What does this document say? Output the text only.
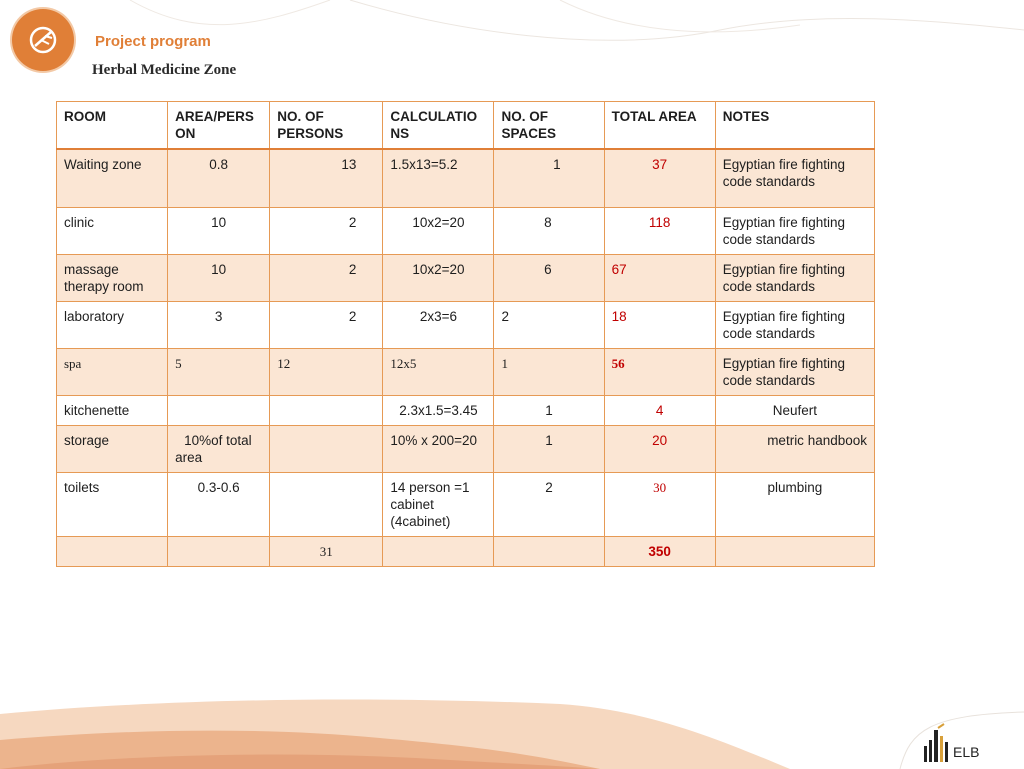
Project program
Herbal Medicine Zone
ROOM	AREA/PERS ON	NO. OF PERSONS	CALCULATIO NS	NO. OF SPACES	TOTAL AREA	NOTES
Waiting zone	0.8	13	1.5x13=5.2	1	37	Egyptian fire fighting code standards
clinic	10	2	10x2=20	8	118	Egyptian fire fighting code standards
massage therapy room	10	2	10x2=20	6	67	Egyptian fire fighting code standards
laboratory	3	2	2x3=6	2	18	Egyptian fire fighting code standards
spa	5	12	12x5	1	56	Egyptian fire fighting code standards
kitchenette			2.3x1.5=3.45	1	4	Neufert
storage	10%of total area		10% x 200=20	1	20	metric handbook
toilets	0.3-0.6		14 person =1 cabinet (4cabinet)	2	30	plumbing
		31			350	
ELB
